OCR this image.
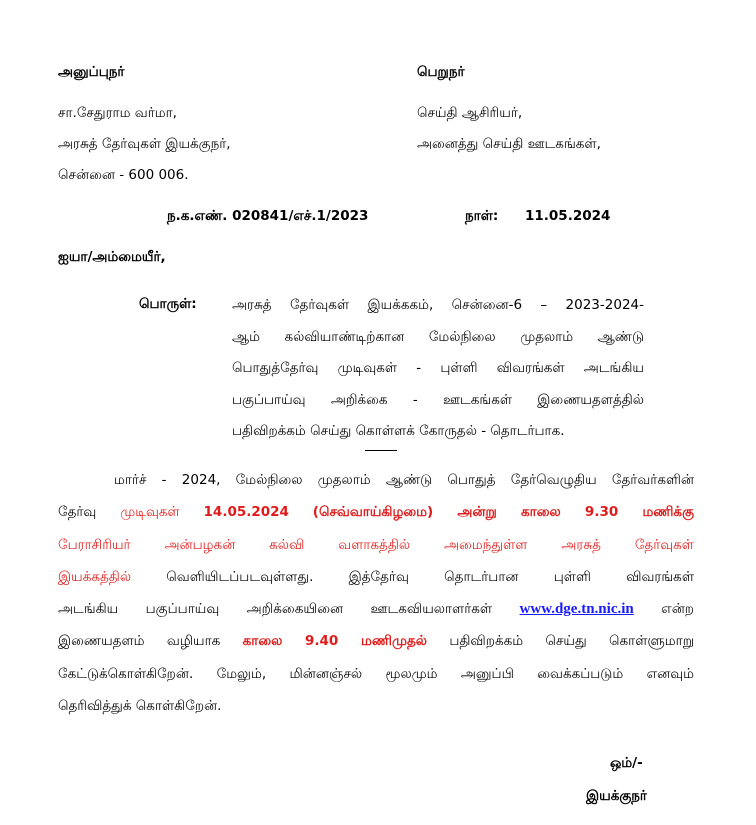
அனுப்புநர்	பெறுநர்
சா.சேதுராம வர்மா,	செய்தி ஆசிரியர்,
அரசுத் தேர்வுகள் இயக்குநர்,	அனைத்து செய்தி ஊடகங்கள்,
சென்னை - 600 006.
ந.க.எண். 020841/எச்.1/2023	நாள்: 11.05.2024
ஐயா/அம்மையீர்,
பொருள்:	அரசுத் தேர்வுகள் இயக்ககம், சென்னை-6 – 2023-2024-
ஆம் கல்வியாண்டிற்கான மேல்நிலை முதலாம் ஆண்டு
பொதுத்தேர்வு முடிவுகள் - புள்ளி விவரங்கள் அடங்கிய
பகுப்பாய்வு அறிக்கை - ஊடகங்கள் இணையதளத்தில்
பதிவிறக்கம் செய்து கொள்ளக் கோருதல் - தொடர்பாக.
மார்ச் - 2024, மேல்நிலை முதலாம் ஆண்டு பொதுத் தேர்வெழுதிய தேர்வர்களின்
தேர்வு முடிவுகள் 14.05.2024 (செவ்வாய்கிழமை) அன்று காலை 9.30 மணிக்கு
பேராசிரியர் அன்பழகன் கல்வி வளாகத்தில் அமைந்துள்ள அரசுத் தேர்வுகள்
இயக்கத்தில்	வெளியிடப்படவுள்ளது.	இத்தேர்வு தொடர்பான புள்ளி விவரங்கள்
அடங்கிய பகுப்பாய்வு அறிக்கையினை ஊடகவியலாளர்கள் www.dge.tn.nic.in என்ற
இணையதளம் வழியாக காலை 9.40 மணிமுதல் பதிவிறக்கம் செய்து கொள்ளுமாறு
கேட்டுக்கொள்கிறேன். மேலும், மின்னஞ்சல் மூலமும் அனுப்பி வைக்கப்படும் எனவும்
தெரிவித்துக் கொள்கிறேன்.
ஒம்/-
இயக்குநர்
